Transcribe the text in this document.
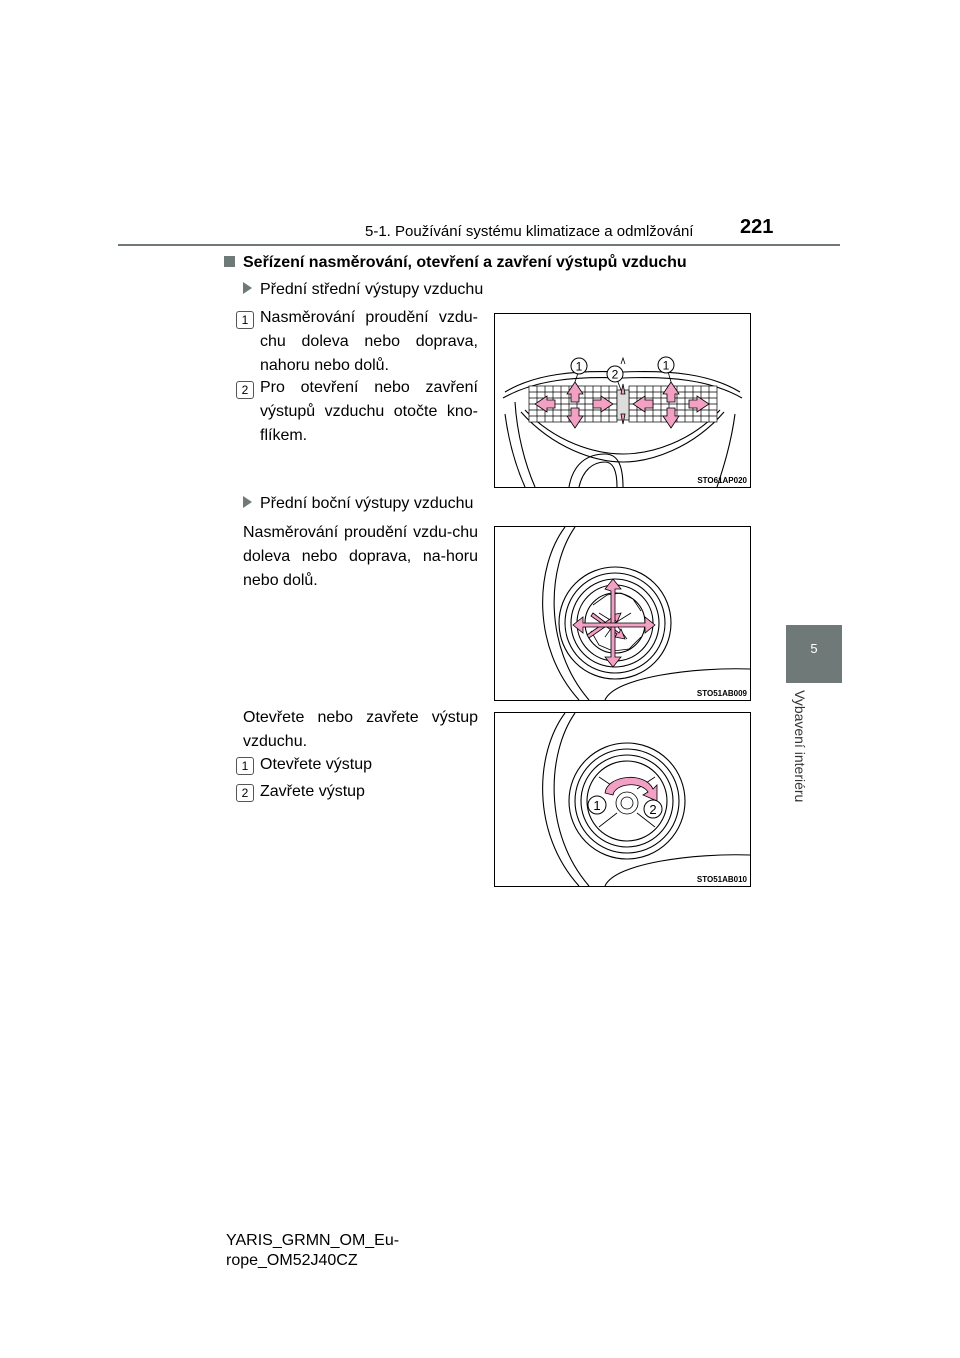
5-1. Používání systému klimatizace a odmlžování 221
5
Vybavení interiéru
Seřízení nasměrování, otevření a zavření výstupů vzduchu
Přední střední výstupy vzduchu
1 Nasměrování proudění vzdu-chu doleva nebo doprava, nahoru nebo dolů.
2 Pro otevření nebo zavření výstupů vzduchu otočte kno-flíkem.
1
2
1
STO61AP020
Přední boční výstupy vzduchu
Nasměrování proudění vzdu-chu doleva nebo doprava, na-horu nebo dolů.
STO51AB009
Otevřete nebo zavřete výstup vzduchu.
1 Otevřete výstup
2 Zavřete výstup
1	2
STO51AB010
YARIS_GRMN_OM_Eu-
rope_OM52J40CZ
